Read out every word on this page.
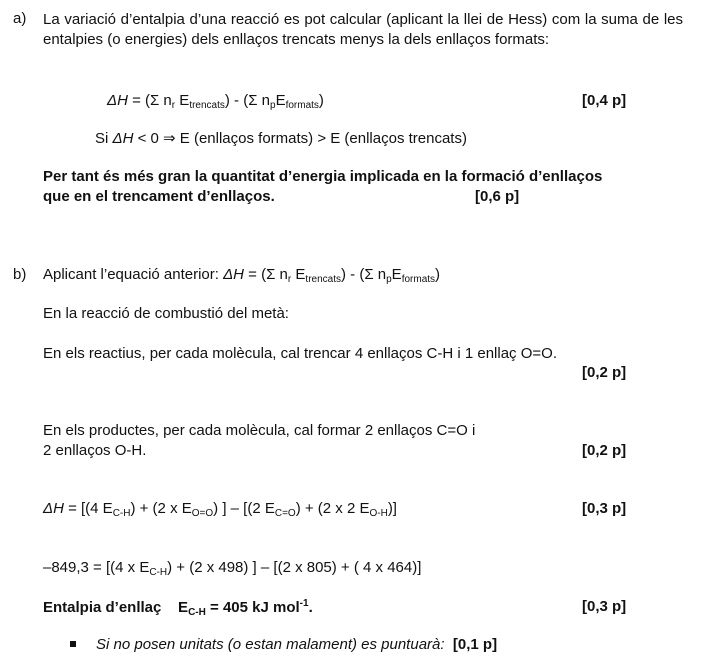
a) La variació d’entalpia d’una reacció es pot calcular (aplicant la llei de Hess) com la suma de les entalpies (o energies) dels enllaços trencats menys la dels enllaços formats:
ΔH = (Σ $n_r$ $E_{trencats}) - (\Sigma$ $n_pE_{formats}$)	[0,4 p]
Si ΔH < 0 ⇒ E (enllaços formats) > E (enllaços trencats)
Per tant és més gran la quantitat d’energia implicada en la formació d’enllaços
que en el trencament d’enllaços.	[0,6 p]
b) Aplicant l’equació anterior: ΔH = (Σ $n_r$ $E_{trencats}) - (\Sigma$ $n_pE_{formats}$)
En la reacció de combustió del metà:
En els reactius, per cada molècula, cal trencar 4 enllaços C-H i 1 enllaç O=O.
[0,2 p]
En els productes, per cada molècula, cal formar 2 enllaços C=O i
2 enllaços O-H.	[0,2 p]
ΔH = [(4 $E_{C-H}) + (2$ x $E_{O=O}$) ] – [(2 $E_{C=O}) + (2$ x 2 $E_{O-H}$)]	[0,3 p]
–849,3 = [(4 x $E_{C-H}) + (2$ x 498) ] – [(2 x 805) + ( 4 x 464)]
Entalpia d’enllaç $E_{C-H} = 405$ kJ mol$^{-1}$.	[0,3 p]
Si no posen unitats (o estan malament) es puntuarà: [0,1 p]
